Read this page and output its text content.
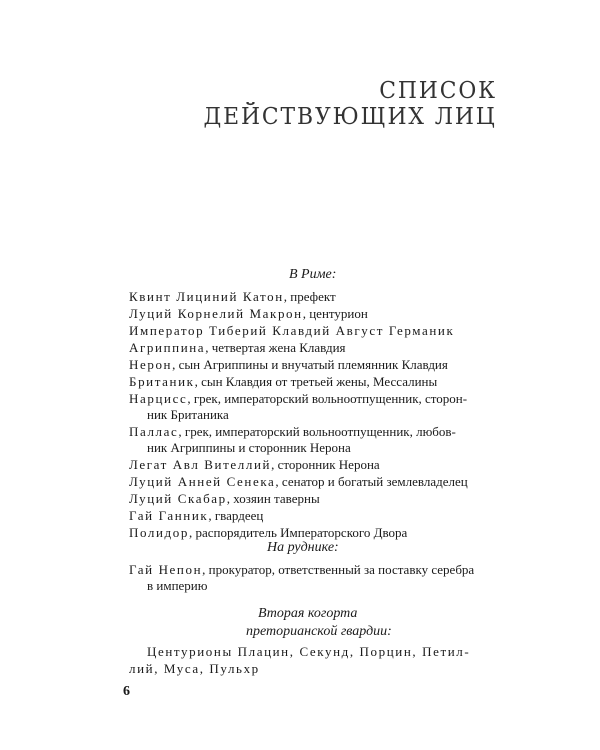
СПИСОК
ДЕЙСТВУЮЩИХ ЛИЦ
В Риме:
Квинт Лициний Катон, префект
Луций Корнелий Макрон, центурион
Император Тиберий Клавдий Август Германик
Агриппина, четвертая жена Клавдия
Нерон, сын Агриппины и внучатый племянник Клавдия
Британик, сын Клавдия от третьей жены, Мессалины
Нарцисс, грек, императорский вольноотпущенник, сторон-
ник Британика
Паллас, грек, императорский вольноотпущенник, любов-
ник Агриппины и сторонник Нерона
Легат Авл Вителлий, сторонник Нерона
Луций Анней Сенека, сенатор и богатый землевладелец
Луций Скабар, хозяин таверны
Гай Ганник, гвардеец
Полидор, распорядитель Императорского Двора
На руднике:
Гай Непон, прокуратор, ответственный за поставку серебра
в империю
Вторая когорта
преторианской гвардии:
Центурионы Плацин, Секунд, Порцин, Петил-
лий, Муса, Пульхр
6
